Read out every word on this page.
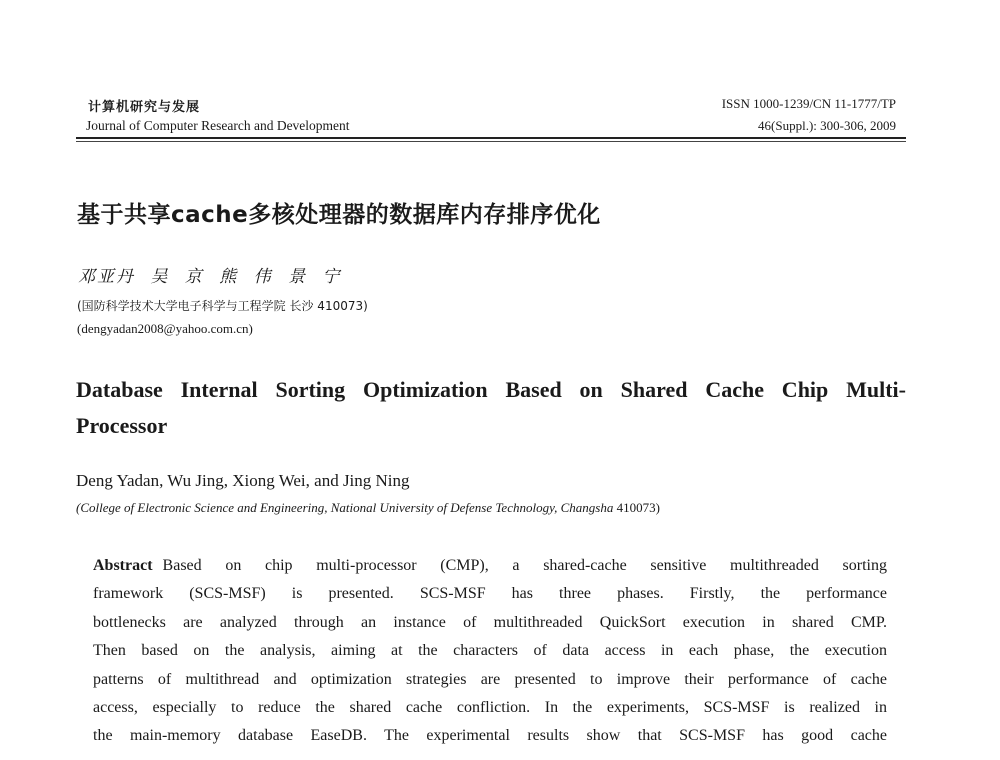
计算机研究与发展
Journal of Computer Research and Development
ISSN 1000-1239/CN 11-1777/TP
46(Suppl.): 300-306, 2009
基于共享cache多核处理器的数据库内存排序优化
邓亚丹 吴 京 熊 伟 景 宁
(国防科学技术大学电子科学与工程学院 长沙 410073)
(dengyadan2008@yahoo.com.cn)
Database Internal Sorting Optimization Based on Shared Cache Chip Multi-
Processor
Deng Yadan, Wu Jing, Xiong Wei, and Jing Ning
(College of Electronic Science and Engineering, National University of Defense Technology, Changsha 410073)
Abstract Based on chip multi-processor (CMP), a shared-cache sensitive multithreaded sorting
framework (SCS-MSF) is presented. SCS-MSF has three phases. Firstly, the performance
bottlenecks are analyzed through an instance of multithreaded QuickSort execution in shared CMP.
Then based on the analysis, aiming at the characters of data access in each phase, the execution
patterns of multithread and optimization strategies are presented to improve their performance of cache
access, especially to reduce the shared cache confliction. In the experiments, SCS-MSF is realized in
the main-memory database EaseDB. The experimental results show that SCS-MSF has good cache
